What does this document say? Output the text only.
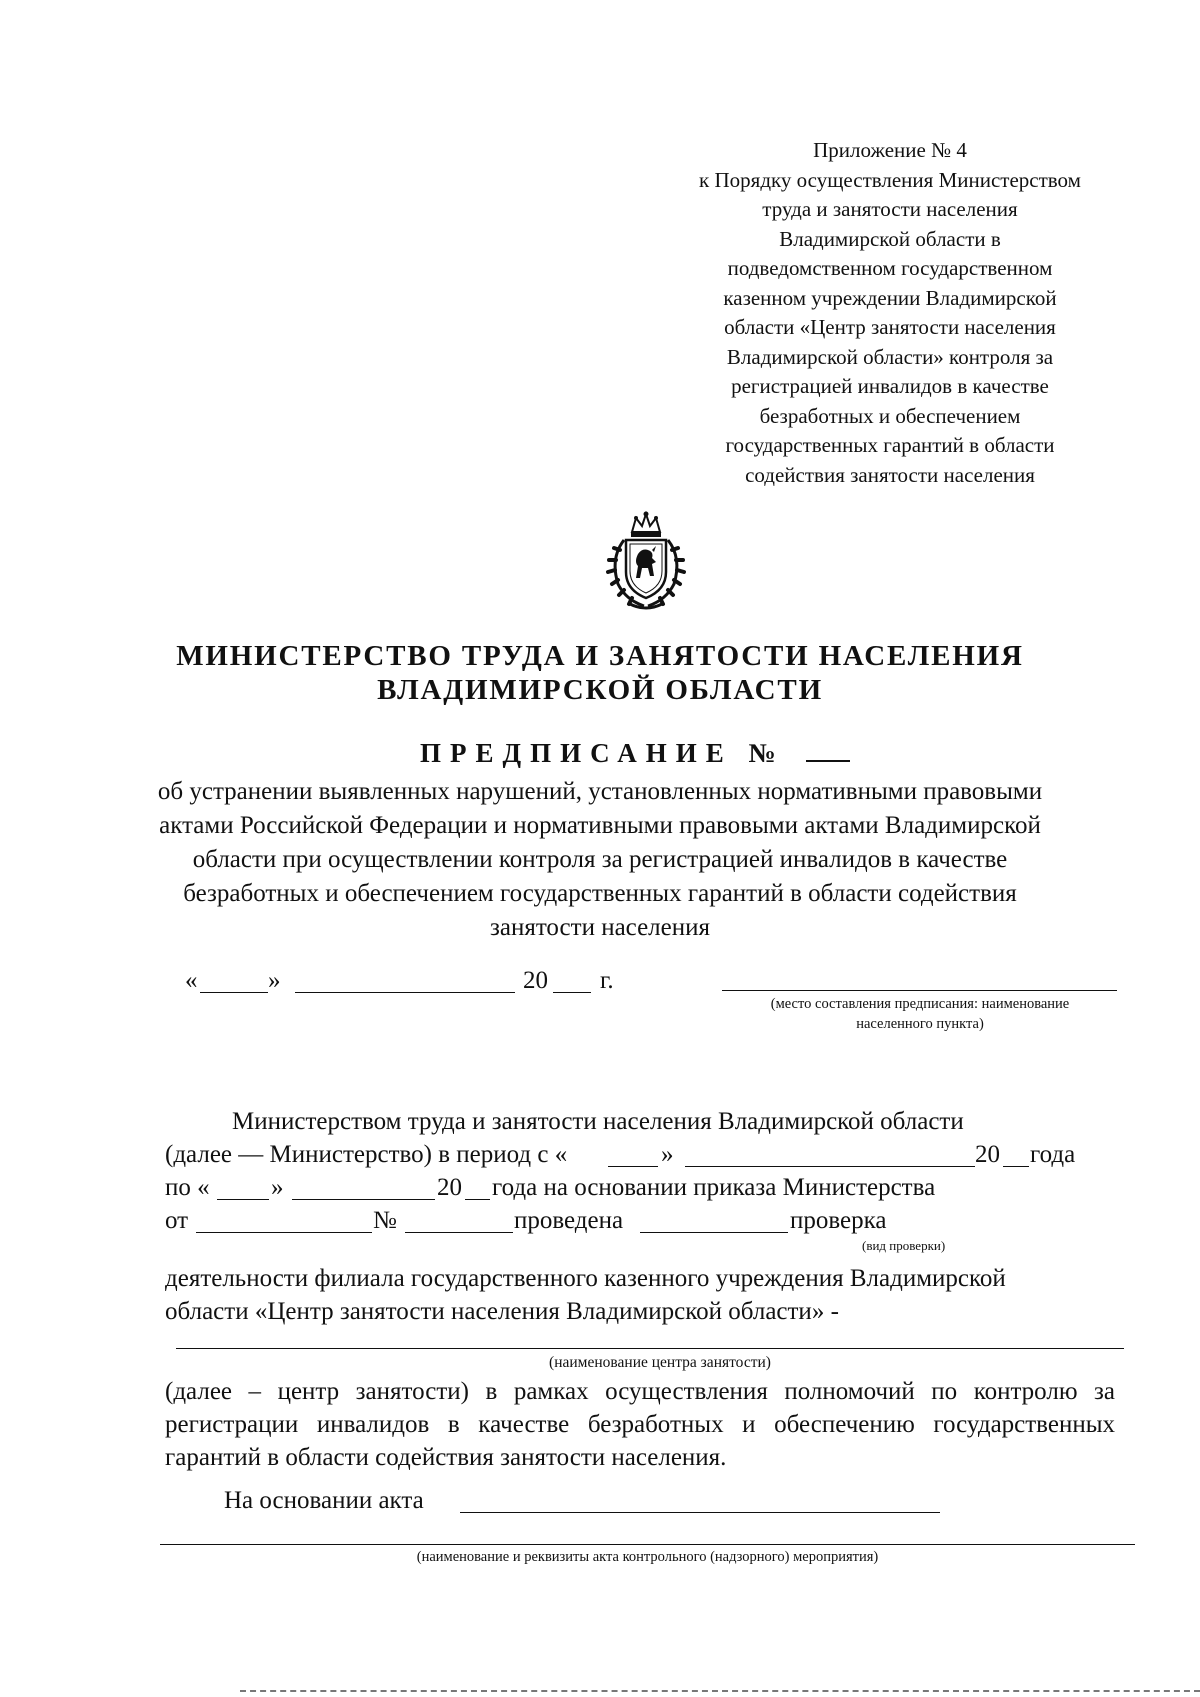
Приложение № 4
к Порядку осуществления Министерством
труда и занятости населения
Владимирской области в
подведомственном государственном
казенном учреждении Владимирской
области «Центр занятости населения
Владимирской области» контроля за
регистрацией инвалидов в качестве
безработных и обеспечением
государственных гарантий в области
содействия занятости населения
МИНИСТЕРСТВО ТРУДА И ЗАНЯТОСТИ НАСЕЛЕНИЯ
ВЛАДИМИРСКОЙ ОБЛАСТИ
ПРЕДПИСАНИЕ №
об устранении выявленных нарушений, установленных нормативными правовыми
актами Российской Федерации и нормативными правовыми актами Владимирской
области при осуществлении контроля за регистрацией инвалидов в качестве
безработных и обеспечением государственных гарантий в области содействия
занятости населения
«	»	20 г.
(место составления предписания: наименование
населенного пункта)
Министерством труда и занятости населения Владимирской области
(далее — Министерство) в период с «	»	20 года
по « »	20 года на основании приказа Министерства
от	№	проведена	проверка
(вид проверки)
деятельности филиала государственного казенного учреждения Владимирской
области «Центр занятости населения Владимирской области» -
(наименование центра занятости)
(далее – центр занятости) в рамках осуществления полномочий по контролю за
регистрации инвалидов в качестве безработных и обеспечению государственных
гарантий в области содействия занятости населения.
На основании акта
(наименование и реквизиты акта контрольного (надзорного) мероприятия)
